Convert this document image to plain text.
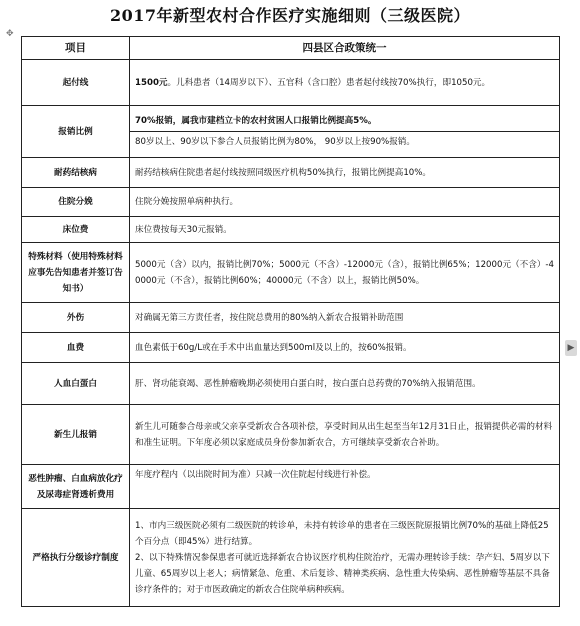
2017年新型农村合作医疗实施细则（三级医院）
✥
项目	四县区合政策统一
起付线	1500元。儿科患者（14周岁以下）、五官科（含口腔）患者起付线按70%执行，即1050元。
报销比例	70%报销，属我市建档立卡的农村贫困人口报销比例提高5%。
80岁以上、90岁以下参合人员报销比例为80%， 90岁以上按90%报销。

耐药结核病	耐药结核病住院患者起付线按照同级医疗机构50%执行，报销比例提高10%。
住院分娩	住院分娩按照单病种执行。
床位费	床位费按每天30元报销。
特殊材料（使用特殊材料应事先告知患者并签订告知书）	5000元（含）以内，报销比例70%；5000元（不含）-12000元（含），报销比例65%；12000元（不含）-40000元（不含），报销比例60%；40000元（不含）以上，报销比例50%。
外伤	对确属无第三方责任者，按住院总费用的80%纳入新农合报销补助范围
血费	血色素低于60g/L或在手术中出血量达到500ml及以上的，按60%报销。
人血白蛋白	肝、肾功能衰竭、恶性肿瘤晚期必须使用白蛋白时，按白蛋白总药费的70%纳入报销范围。
新生儿报销	新生儿可随参合母亲或父亲享受新农合各项补偿，享受时间从出生起至当年12月31日止，报销提供必需的材料和准生证明。下年度必须以家庭成员身份参加新农合，方可继续享受新农合补助。
恶性肿瘤、白血病放化疗及尿毒症肾透析费用	年度疗程内（以出院时间为准）只减一次住院起付线进行补偿。
严格执行分级诊疗制度	1、市内三级医院必须有二级医院的转诊单，未持有转诊单的患者在三级医院原报销比例70%的基础上降低25个百分点（即45%）进行结算。
2、以下特殊情况参保患者可就近选择新农合协议医疗机构住院治疗，无需办理转诊手续：孕产妇、5周岁以下儿童、65周岁以上老人；病情紧急、危重、术后复诊、精神类疾病、急性重大传染病、恶性肿瘤等基层不具备诊疗条件的；对于市医政确定的新农合住院单病种疾病。
▶
